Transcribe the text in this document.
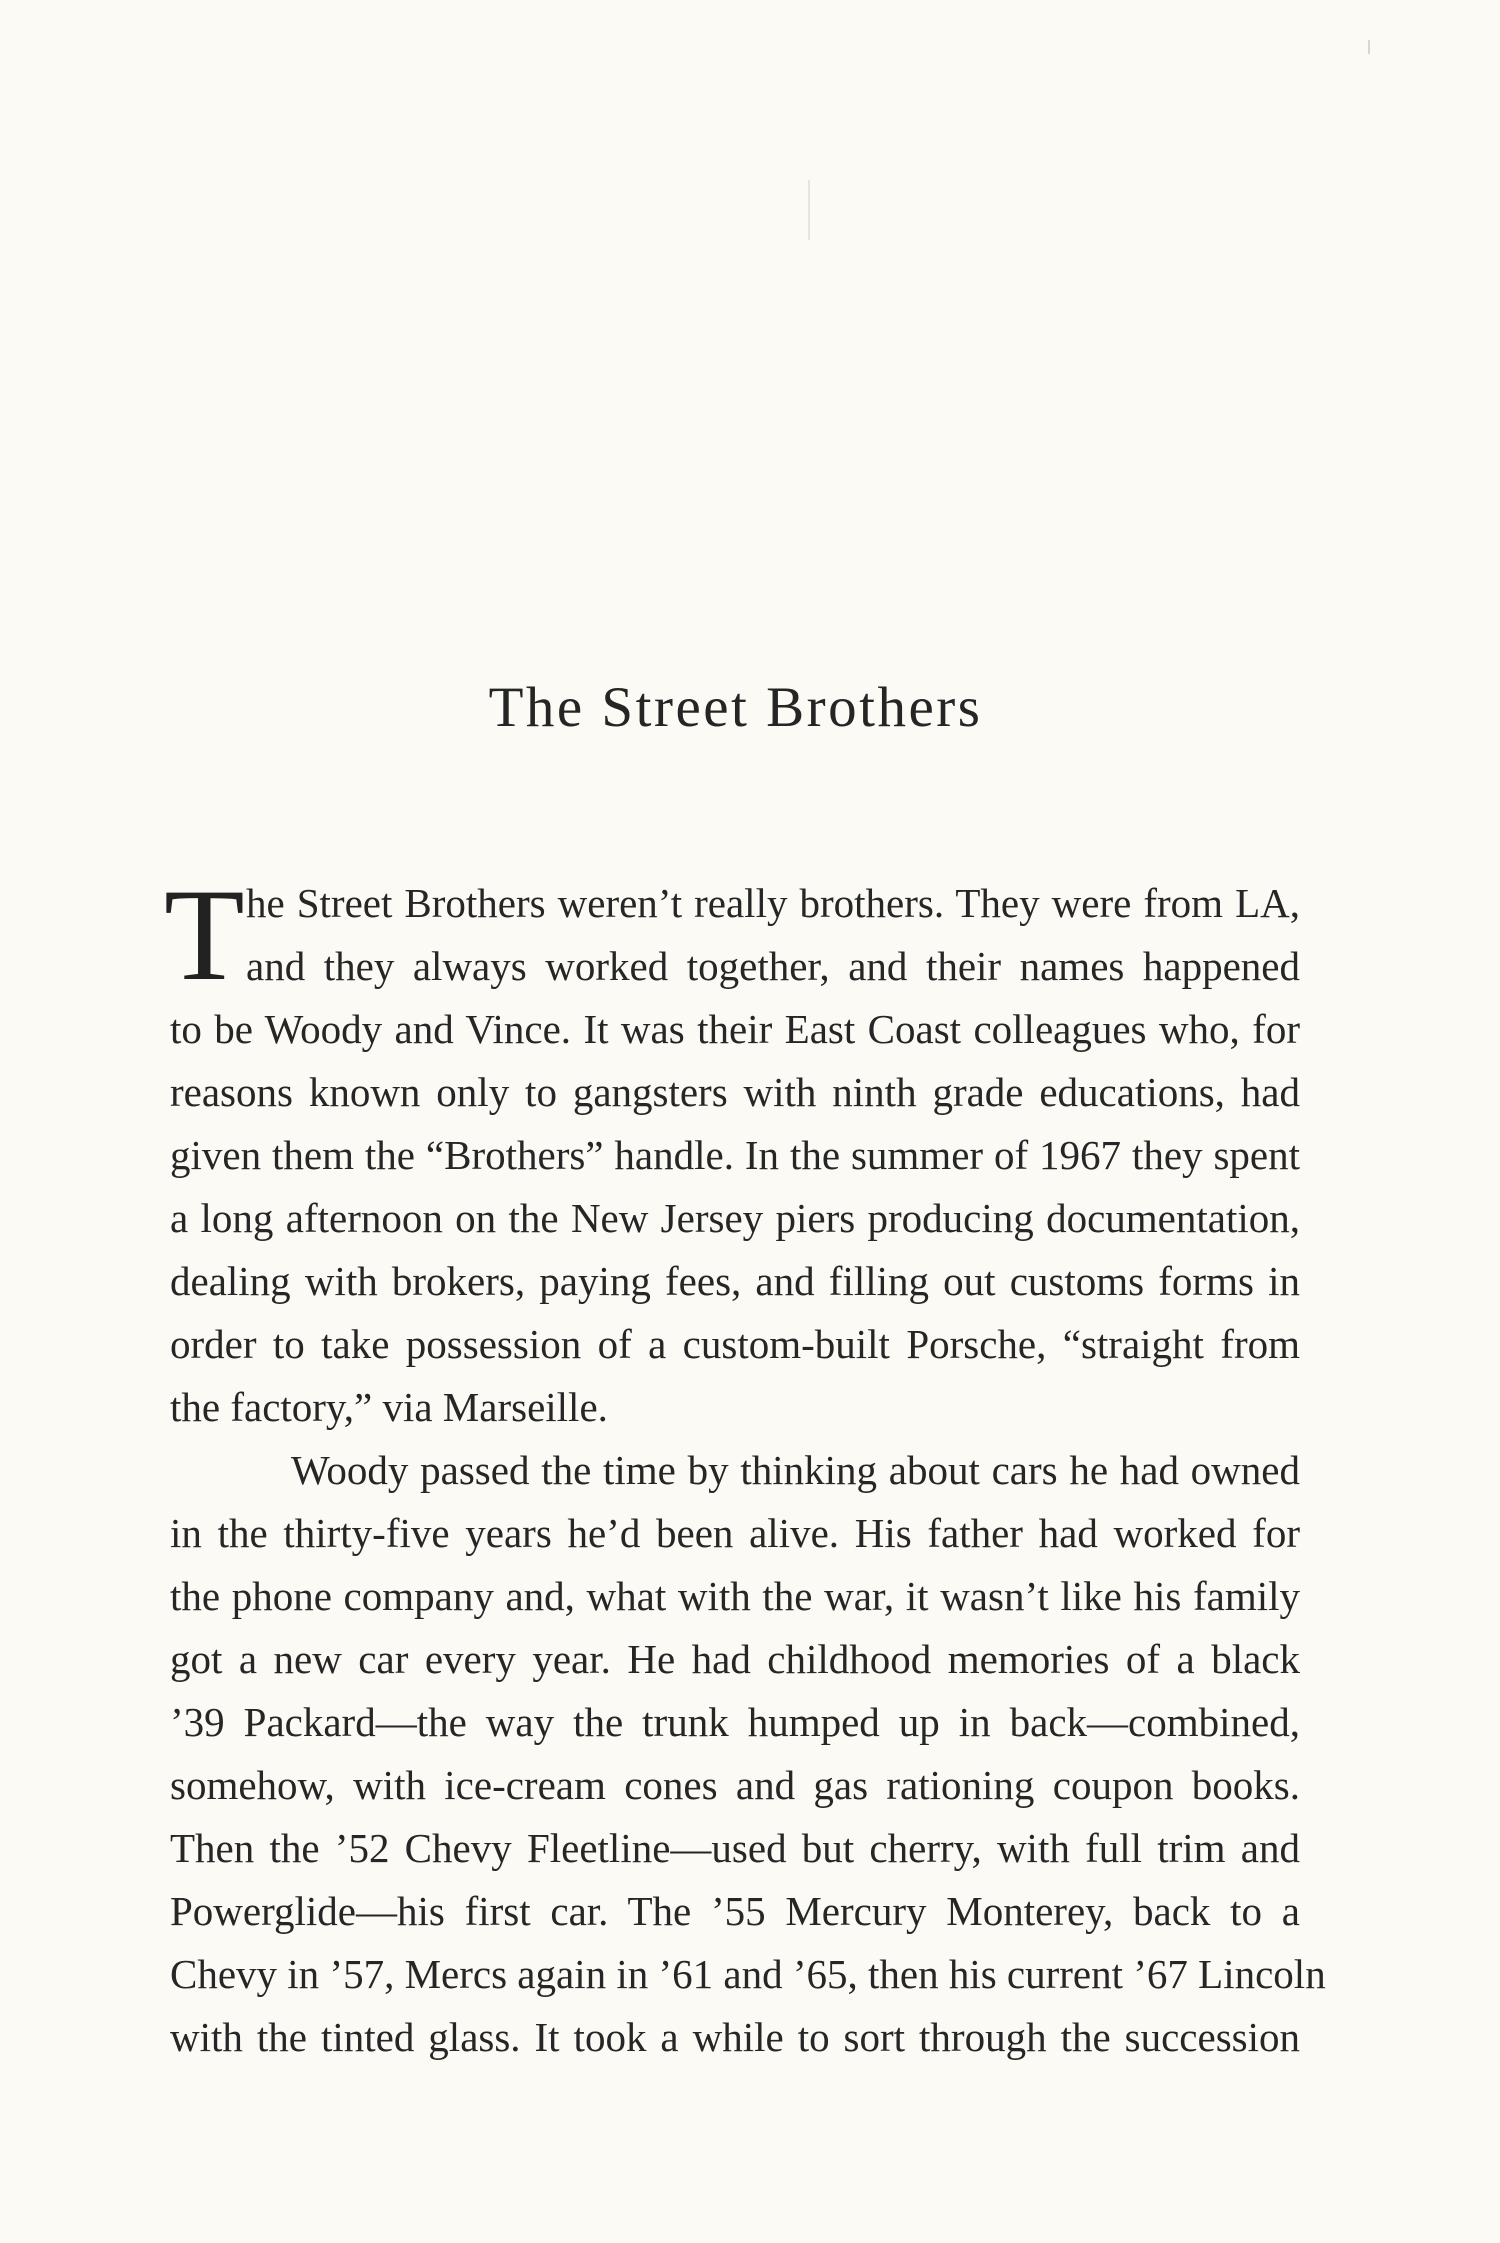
The Street Brothers
T he Street Brothers weren’t really brothers. They were from LA,
and they always worked together, and their names happened
to be Woody and Vince. It was their East Coast colleagues who, for
reasons known only to gangsters with ninth grade educations, had
given them the “Brothers” handle. In the summer of 1967 they spent
a long afternoon on the New Jersey piers producing documentation,
dealing with brokers, paying fees, and filling out customs forms in
order to take possession of a custom-built Porsche, “straight from
the factory,” via Marseille.
Woody passed the time by thinking about cars he had owned
in the thirty-five years he’d been alive. His father had worked for
the phone company and, what with the war, it wasn’t like his family
got a new car every year. He had childhood memories of a black
’39 Packard—the way the trunk humped up in back—combined,
somehow, with ice-cream cones and gas rationing coupon books.
Then the ’52 Chevy Fleetline—used but cherry, with full trim and
Powerglide—his first car. The ’55 Mercury Monterey, back to a
Chevy in ’57, Mercs again in ’61 and ’65, then his current ’67 Lincoln
with the tinted glass. It took a while to sort through the succession
